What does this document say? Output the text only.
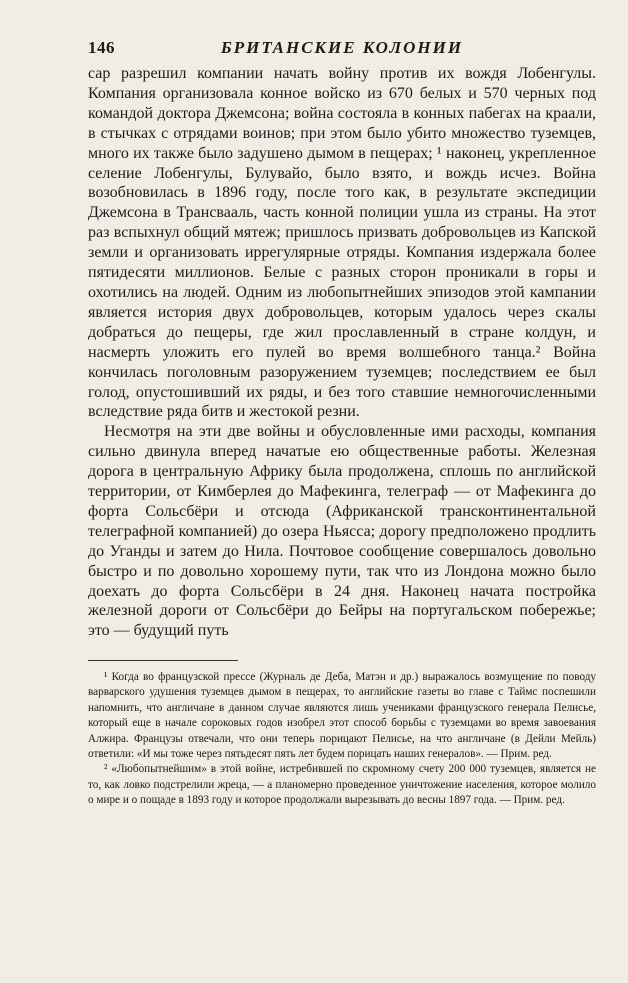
146	БРИТАНСКИЕ КОЛОНИИ

сар разрешил компании начать войну против их вождя Лобенгулы. Компания организовала конное войско из 670 белых и 570 черных под командой доктора Джемсона; война состояла в конных пабегах на краали, в стычках с отрядами воинов; при этом было убито множество туземцев, много их также было задушено дымом в пещерах; ¹ наконец, укрепленное селение Лобенгулы, Булувайо, было взято, и вождь исчез. Война возобновилась в 1896 году, после того как, в результате экспедиции Джемсона в Трансвааль, часть конной полиции ушла из страны. На этот раз вспыхнул общий мятеж; пришлось призвать добровольцев из Капской земли и организовать иррегулярные отряды. Компания издержала более пятидесяти миллионов. Белые с разных сторон проникали в горы и охотились на людей. Одним из любопытнейших эпизодов этой кампании является история двух добровольцев, которым удалось через скалы добраться до пещеры, где жил прославленный в стране колдун, и насмерть уложить его пулей во время волшебного танца.² Война кончилась поголовным разоружением туземцев; последствием ее был голод, опустошивший их ряды, и без того ставшие немногочисленными вследствие ряда битв и жестокой резни.

Несмотря на эти две войны и обусловленные ими расходы, компания сильно двинула вперед начатые ею общественные работы. Железная дорога в центральную Африку была продолжена, сплошь по английской территории, от Кимберлея до Мафекинга, телеграф — от Мафекинга до форта Сольсбёри и отсюда (Африканской трансконтинентальной телеграфной компанией) до озера Ньясса; дорогу предположено продлить до Уганды и затем до Нила. Почтовое сообщение совершалось довольно быстро и по довольно хорошему пути, так что из Лондона можно было доехать до форта Сольсбёри в 24 дня. Наконец начата постройка железной дороги от Сольсбёри до Бейры на португальском побережье; это — будущий путь

¹ Когда во французской прессе (Журналь де Деба, Матэн и др.) выражалось возмущение по поводу варварского удушения туземцев дымом в пещерах, то английские газеты во главе с Таймс поспешили напомнить, что англичане в данном случае являются лишь учениками французского генерала Пелисье, который еще в начале сороковых годов изобрел этот способ борьбы с туземцами во время завоевания Алжира. Французы отвечали, что они теперь порицают Пелисье, на что англичане (в Дейли Мейль) ответили: «И мы тоже через пятьдесят пять лет будем порицать наших генералов». — Прим. ред.

² «Любопытнейшим» в этой войне, истребившей по скромному счету 200 000 туземцев, является не то, как ловко подстрелили жреца, — а планомерно проведенное уничтожение населения, которое молило о мире и о пощаде в 1893 году и которое продолжали вырезывать до весны 1897 года. — Прим. ред.
